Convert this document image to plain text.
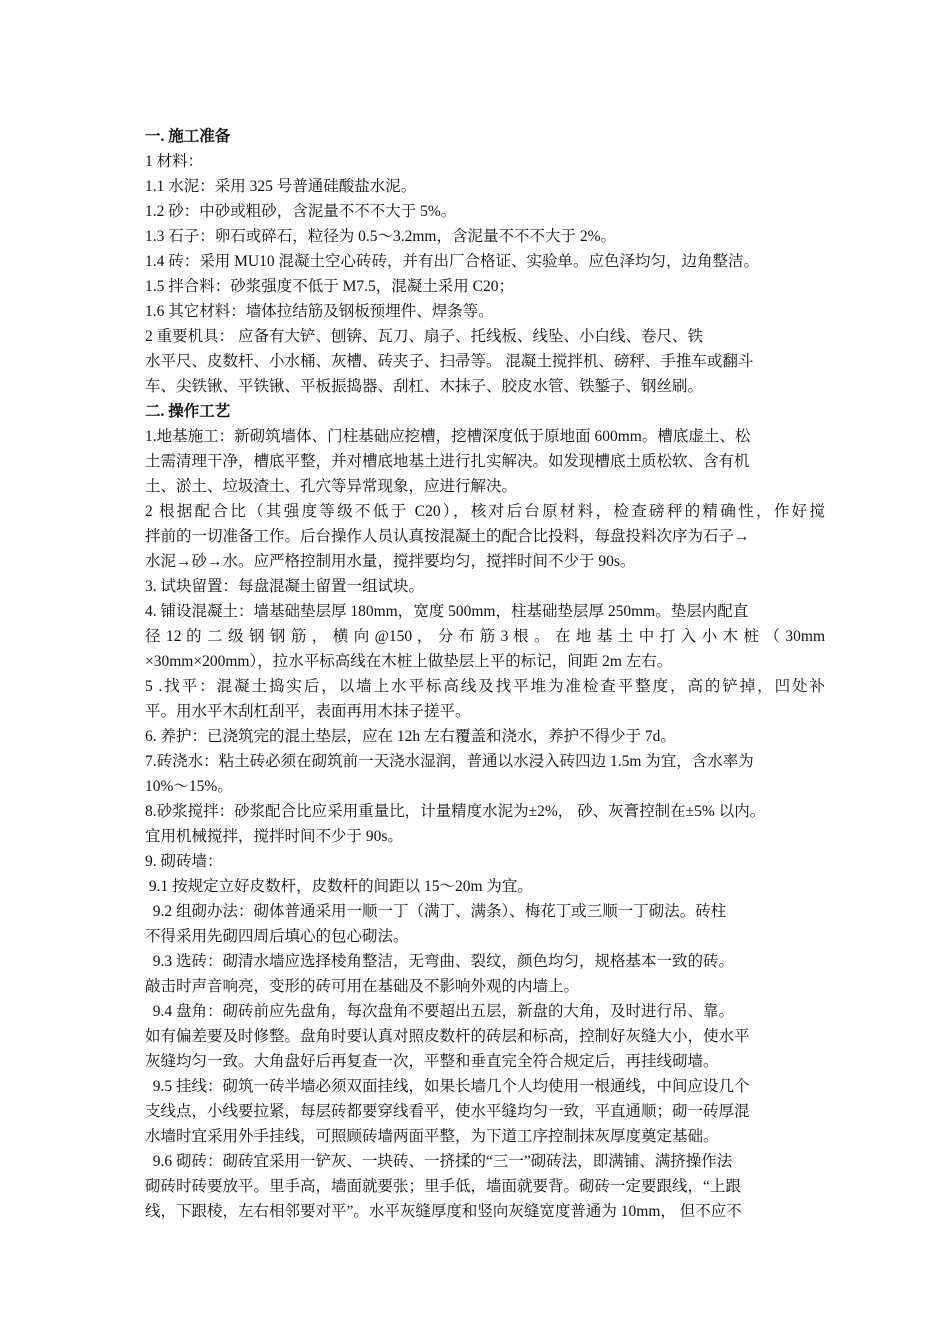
一. 施工准备
1 材料：
1.1 水泥：采用 325 号普通硅酸盐水泥。
1.2 砂：中砂或粗砂，含泥量不不不大于 5%。
1.3 石子：卵石或碎石，粒径为 0.5～3.2mm，含泥量不不不大于 2%。
1.4 砖：采用 MU10 混凝土空心砖砖，并有出厂合格证、实验单。应色泽均匀，边角整洁。
1.5 拌合料：砂浆强度不低于 M7.5，混凝土采用 C20；
1.6 其它材料：墙体拉结筋及钢板预埋件、焊条等。
2 重要机具： 应备有大铲、刨锛、瓦刀、扇子、托线板、线坠、小白线、卷尺、铁
水平尺、皮数杆、小水桶、灰槽、砖夹子、扫帚等。 混凝土搅拌机、磅秤、手推车或翻斗
车、尖铁锹、平铁锹、平板振捣器、刮杠、木抹子、胶皮水管、铁錾子、钢丝刷。
二. 操作工艺
1.地基施工：新砌筑墙体、门柱基础应挖槽，挖槽深度低于原地面 600mm。槽底虚土、松
土需清理干净，槽底平整，并对槽底地基土进行扎实解决。如发现槽底土质松软、含有机
土、淤土、垃圾渣土、孔穴等异常现象，应进行解决。
2 根据配合比（其强度等级不低于 C20），核对后台原材料，检查磅秤的精确性，作好搅
拌前的一切准备工作。后台操作人员认真按混凝土的配合比投料，每盘投料次序为石子→
水泥→砂→水。应严格控制用水量，搅拌要均匀，搅拌时间不少于 90s。
3. 试块留置：每盘混凝土留置一组试块。
4. 铺设混凝土：墙基础垫层厚 180mm，宽度 500mm，柱基础垫层厚 250mm。垫层内配直
径 12 的 二 级 钢 钢 筋 ， 横 向 @150 ， 分 布 筋 3 根 。 在 地 基 土 中 打 入 小 木 桩 （ 30mm
×30mm×200mm），拉水平标高线在木桩上做垫层上平的标记，间距 2m 左右。
5 .找平：混凝土捣实后，以墙上水平标高线及找平堆为准检查平整度，高的铲掉，凹处补
平。用水平木刮杠刮平，表面再用木抹子搓平。
6. 养护：已浇筑完的混土垫层，应在 12h 左右覆盖和浇水，养护不得少于 7d。
7.砖浇水：粘土砖必须在砌筑前一天浇水湿润，普通以水浸入砖四边 1.5m 为宜，含水率为
10%～15%。
8.砂浆搅拌：砂浆配合比应采用重量比，计量精度水泥为±2%， 砂、灰膏控制在±5% 以内。
宜用机械搅拌，搅拌时间不少于 90s。
9. 砌砖墙：
9.1 按规定立好皮数杆，皮数杆的间距以 15～20m 为宜。
9.2 组砌办法：砌体普通采用一顺一丁（满丁、满条）、梅花丁或三顺一丁砌法。砖柱
不得采用先砌四周后填心的包心砌法。
9.3 选砖：砌清水墙应选择棱角整洁，无弯曲、裂纹，颜色均匀，规格基本一致的砖。
敲击时声音响亮，变形的砖可用在基础及不影响外观的内墙上。
9.4 盘角：砌砖前应先盘角，每次盘角不要超出五层，新盘的大角，及时进行吊、靠。
如有偏差要及时修整。盘角时要认真对照皮数杆的砖层和标高，控制好灰缝大小，使水平
灰缝均匀一致。大角盘好后再复查一次，平整和垂直完全符合规定后，再挂线砌墙。
9.5 挂线：砌筑一砖半墙必须双面挂线，如果长墙几个人均使用一根通线，中间应设几个
支线点，小线要拉紧，每层砖都要穿线看平，使水平缝均匀一致，平直通顺；砌一砖厚混
水墙时宜采用外手挂线，可照顾砖墙两面平整，为下道工序控制抹灰厚度奠定基础。
9.6 砌砖：砌砖宜采用一铲灰、一块砖、一挤揉的“三一”砌砖法，即满铺、满挤操作法
砌砖时砖要放平。里手高，墙面就要张；里手低，墙面就要背。砌砖一定要跟线，“上跟
线，下跟棱，左右相邻要对平”。水平灰缝厚度和竖向灰缝宽度普通为 10mm， 但不应不
